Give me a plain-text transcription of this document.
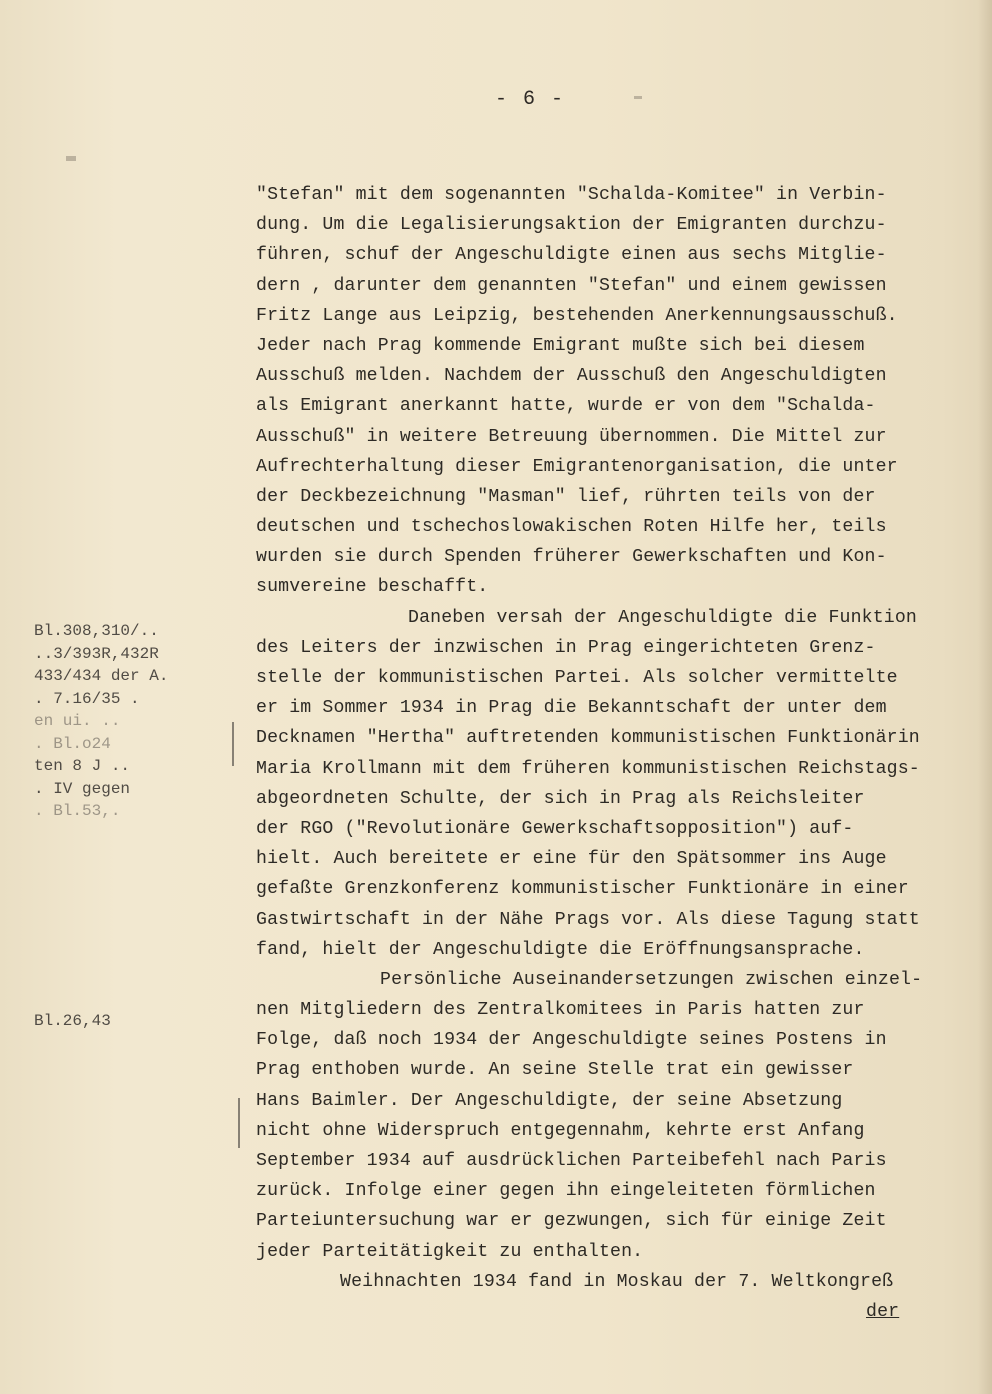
- 6 -
Bl.308,310/..
..3/393R,432R
433/434 der A.
. 7.16/35 .
en ui. ..
. Bl.o24
ten 8 J ..
. IV gegen
. Bl.53,.
Bl.26,43
"Stefan" mit dem sogenannten "Schalda-Komitee" in Verbin-
dung. Um die Legalisierungsaktion der Emigranten durchzu-
führen, schuf der Angeschuldigte einen aus sechs Mitglie-
dern , darunter dem genannten "Stefan" und einem gewissen
Fritz Lange aus Leipzig, bestehenden Anerkennungsausschuß.
Jeder nach Prag kommende Emigrant mußte sich bei diesem
Ausschuß melden. Nachdem der Ausschuß den Angeschuldigten
als Emigrant anerkannt hatte, wurde er von dem "Schalda-
Ausschuß" in weitere Betreuung übernommen. Die Mittel zur
Aufrechterhaltung dieser Emigrantenorganisation, die unter
der Deckbezeichnung "Masman" lief, rührten teils von der
deutschen und tschechoslowakischen Roten Hilfe her, teils
wurden sie durch Spenden früherer Gewerkschaften und Kon-
sumvereine beschafft.
Daneben versah der Angeschuldigte die Funktion
des Leiters der inzwischen in Prag eingerichteten Grenz-
stelle der kommunistischen Partei. Als solcher vermittelte
er im Sommer 1934 in Prag die Bekanntschaft der unter dem
Decknamen "Hertha" auftretenden kommunistischen Funktionärin
Maria Krollmann mit dem früheren kommunistischen Reichstags-
abgeordneten Schulte, der sich in Prag als Reichsleiter
der RGO ("Revolutionäre Gewerkschaftsopposition") auf-
hielt. Auch bereitete er eine für den Spätsommer ins Auge
gefaßte Grenzkonferenz kommunistischer Funktionäre in einer
Gastwirtschaft in der Nähe Prags vor. Als diese Tagung statt
fand, hielt der Angeschuldigte die Eröffnungsansprache.
Persönliche Auseinandersetzungen zwischen einzel-
nen Mitgliedern des Zentralkomitees in Paris hatten zur
Folge, daß noch 1934 der Angeschuldigte seines Postens in
Prag enthoben wurde. An seine Stelle trat ein gewisser
Hans Baimler. Der Angeschuldigte, der seine Absetzung
nicht ohne Widerspruch entgegennahm, kehrte erst Anfang
September 1934 auf ausdrücklichen Parteibefehl nach Paris
zurück. Infolge einer gegen ihn eingeleiteten förmlichen
Parteiuntersuchung war er gezwungen, sich für einige Zeit
jeder Parteitätigkeit zu enthalten.
Weihnachten 1934 fand in Moskau der 7. Weltkongreß
der
